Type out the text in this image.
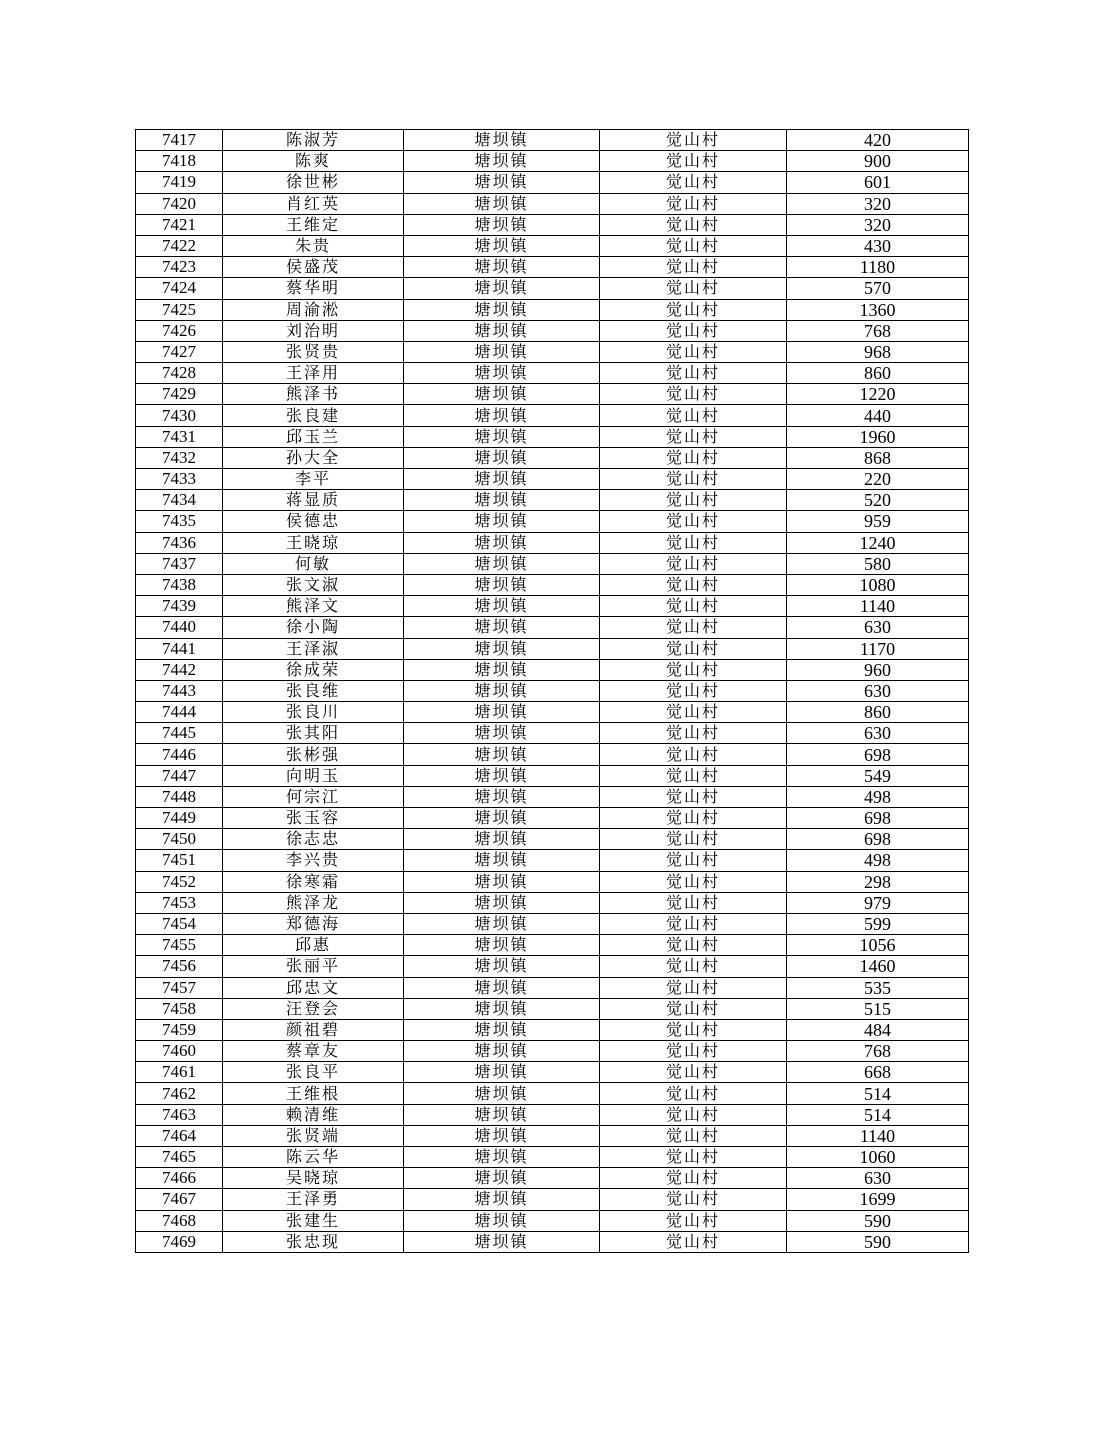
7417	陈淑芳	塘坝镇	觉山村	420
7418	陈爽	塘坝镇	觉山村	900
7419	徐世彬	塘坝镇	觉山村	601
7420	肖红英	塘坝镇	觉山村	320
7421	王维定	塘坝镇	觉山村	320
7422	朱贵	塘坝镇	觉山村	430
7423	侯盛茂	塘坝镇	觉山村	1180
7424	蔡华明	塘坝镇	觉山村	570
7425	周渝淞	塘坝镇	觉山村	1360
7426	刘治明	塘坝镇	觉山村	768
7427	张贤贵	塘坝镇	觉山村	968
7428	王泽用	塘坝镇	觉山村	860
7429	熊泽书	塘坝镇	觉山村	1220
7430	张良建	塘坝镇	觉山村	440
7431	邱玉兰	塘坝镇	觉山村	1960
7432	孙大全	塘坝镇	觉山村	868
7433	李平	塘坝镇	觉山村	220
7434	蒋显质	塘坝镇	觉山村	520
7435	侯德忠	塘坝镇	觉山村	959
7436	王晓琼	塘坝镇	觉山村	1240
7437	何敏	塘坝镇	觉山村	580
7438	张文淑	塘坝镇	觉山村	1080
7439	熊泽文	塘坝镇	觉山村	1140
7440	徐小陶	塘坝镇	觉山村	630
7441	王泽淑	塘坝镇	觉山村	1170
7442	徐成荣	塘坝镇	觉山村	960
7443	张良维	塘坝镇	觉山村	630
7444	张良川	塘坝镇	觉山村	860
7445	张其阳	塘坝镇	觉山村	630
7446	张彬强	塘坝镇	觉山村	698
7447	向明玉	塘坝镇	觉山村	549
7448	何宗江	塘坝镇	觉山村	498
7449	张玉容	塘坝镇	觉山村	698
7450	徐志忠	塘坝镇	觉山村	698
7451	李兴贵	塘坝镇	觉山村	498
7452	徐寒霜	塘坝镇	觉山村	298
7453	熊泽龙	塘坝镇	觉山村	979
7454	郑德海	塘坝镇	觉山村	599
7455	邱惠	塘坝镇	觉山村	1056
7456	张丽平	塘坝镇	觉山村	1460
7457	邱忠文	塘坝镇	觉山村	535
7458	汪登会	塘坝镇	觉山村	515
7459	颜祖碧	塘坝镇	觉山村	484
7460	蔡章友	塘坝镇	觉山村	768
7461	张良平	塘坝镇	觉山村	668
7462	王维根	塘坝镇	觉山村	514
7463	赖清维	塘坝镇	觉山村	514
7464	张贤端	塘坝镇	觉山村	1140
7465	陈云华	塘坝镇	觉山村	1060
7466	吴晓琼	塘坝镇	觉山村	630
7467	王泽勇	塘坝镇	觉山村	1699
7468	张建生	塘坝镇	觉山村	590
7469	张忠现	塘坝镇	觉山村	590
